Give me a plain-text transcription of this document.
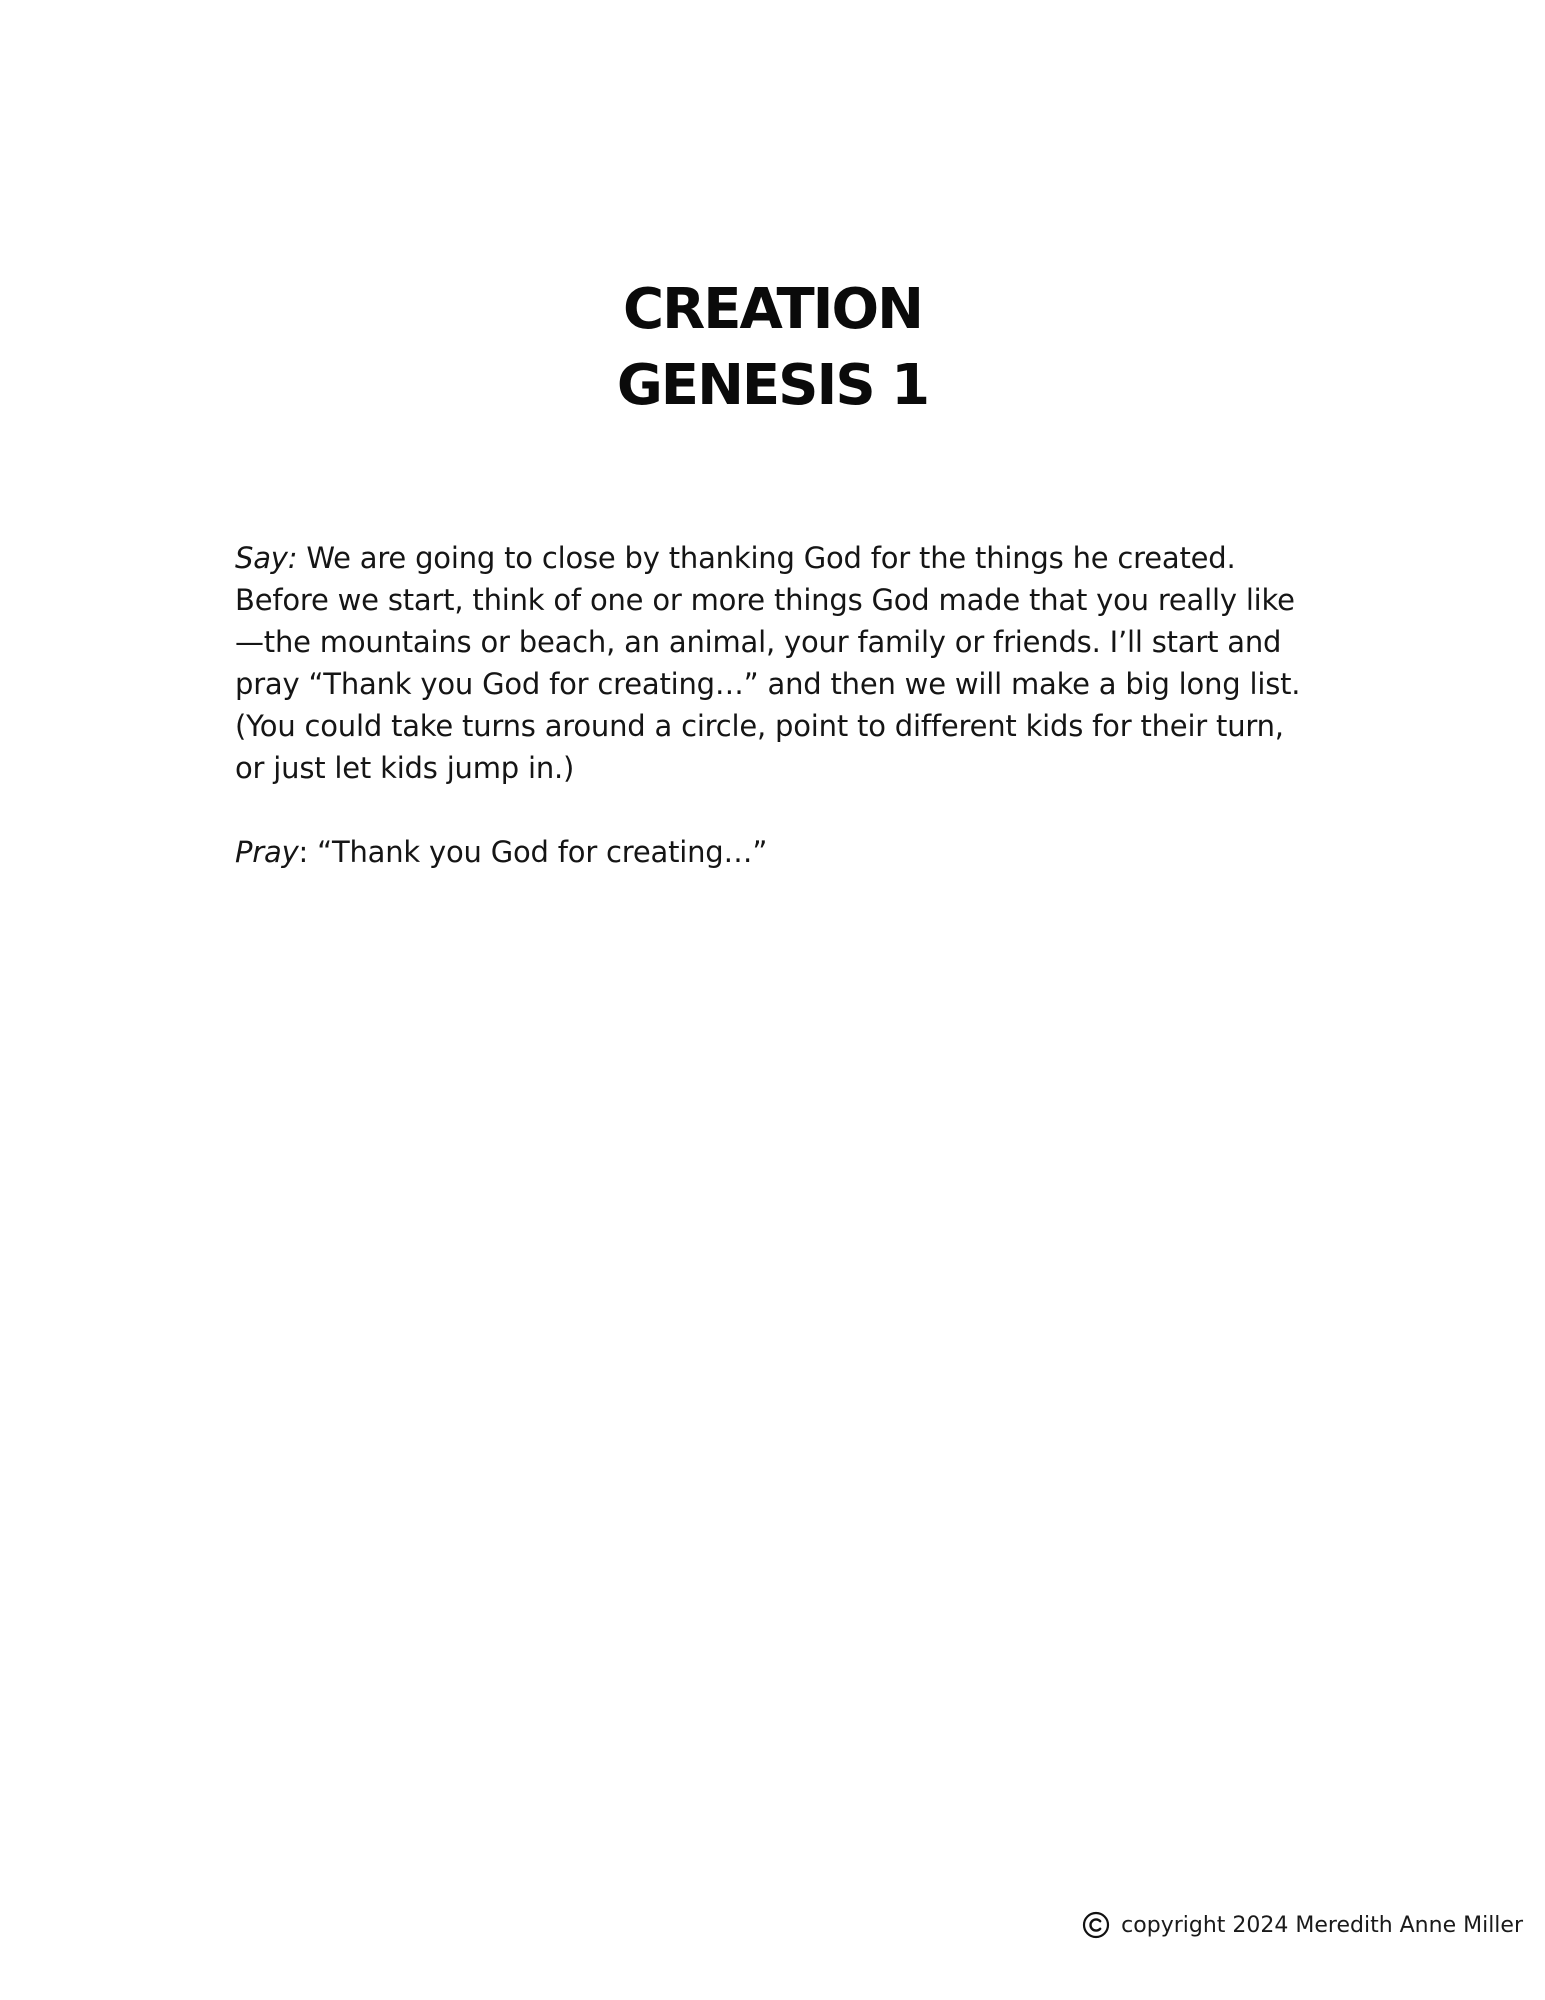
CREATION
GENESIS 1

Say: We are going to close by thanking God for the things he created.
Before we start, think of one or more things God made that you really like
—the mountains or beach, an animal, your family or friends. I’ll start and
pray “Thank you God for creating…” and then we will make a big long list.
(You could take turns around a circle, point to different kids for their turn,
or just let kids jump in.)

Pray: “Thank you God for creating…”

copyright 2024 Meredith Anne Miller
